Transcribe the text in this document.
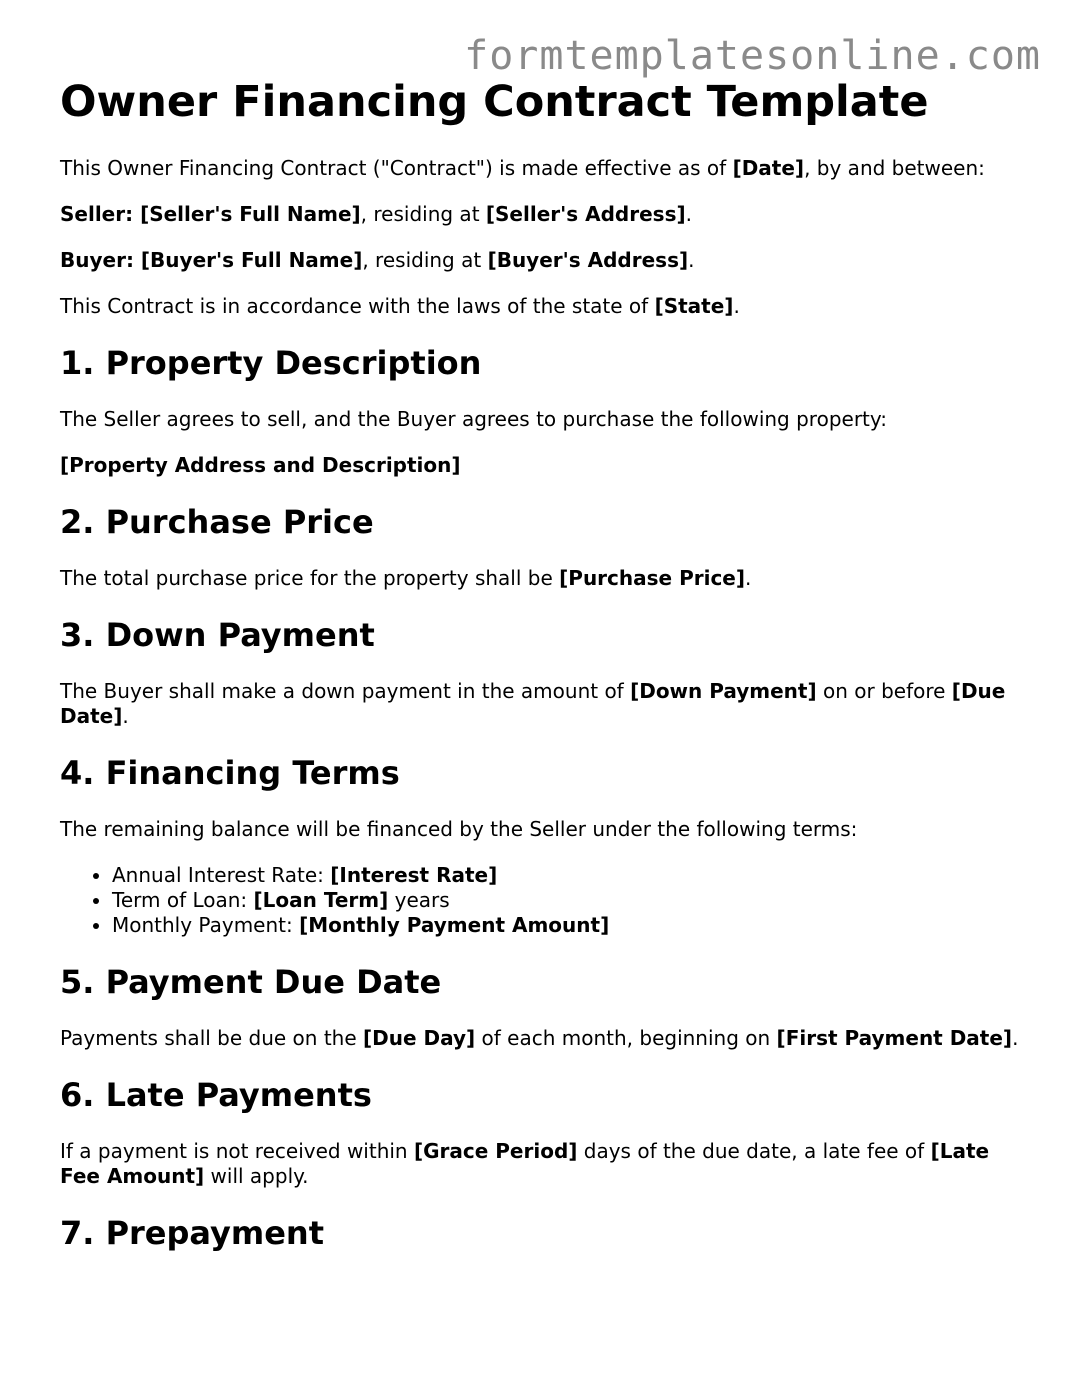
formtemplatesonline.com
Owner Financing Contract Template

This Owner Financing Contract ("Contract") is made effective as of [Date], by and between:

Seller: [Seller's Full Name], residing at [Seller's Address].

Buyer: [Buyer's Full Name], residing at [Buyer's Address].

This Contract is in accordance with the laws of the state of [State].

1. Property Description

The Seller agrees to sell, and the Buyer agrees to purchase the following property:

[Property Address and Description]

2. Purchase Price

The total purchase price for the property shall be [Purchase Price].

3. Down Payment

The Buyer shall make a down payment in the amount of [Down Payment] on or before [Due Date].

4. Financing Terms

The remaining balance will be financed by the Seller under the following terms:

• Annual Interest Rate: [Interest Rate]
• Term of Loan: [Loan Term] years
• Monthly Payment: [Monthly Payment Amount]
5. Payment Due Date

Payments shall be due on the [Due Day] of each month, beginning on [First Payment Date].

6. Late Payments

If a payment is not received within [Grace Period] days of the due date, a late fee of [Late Fee Amount] will apply.

7. Prepayment
